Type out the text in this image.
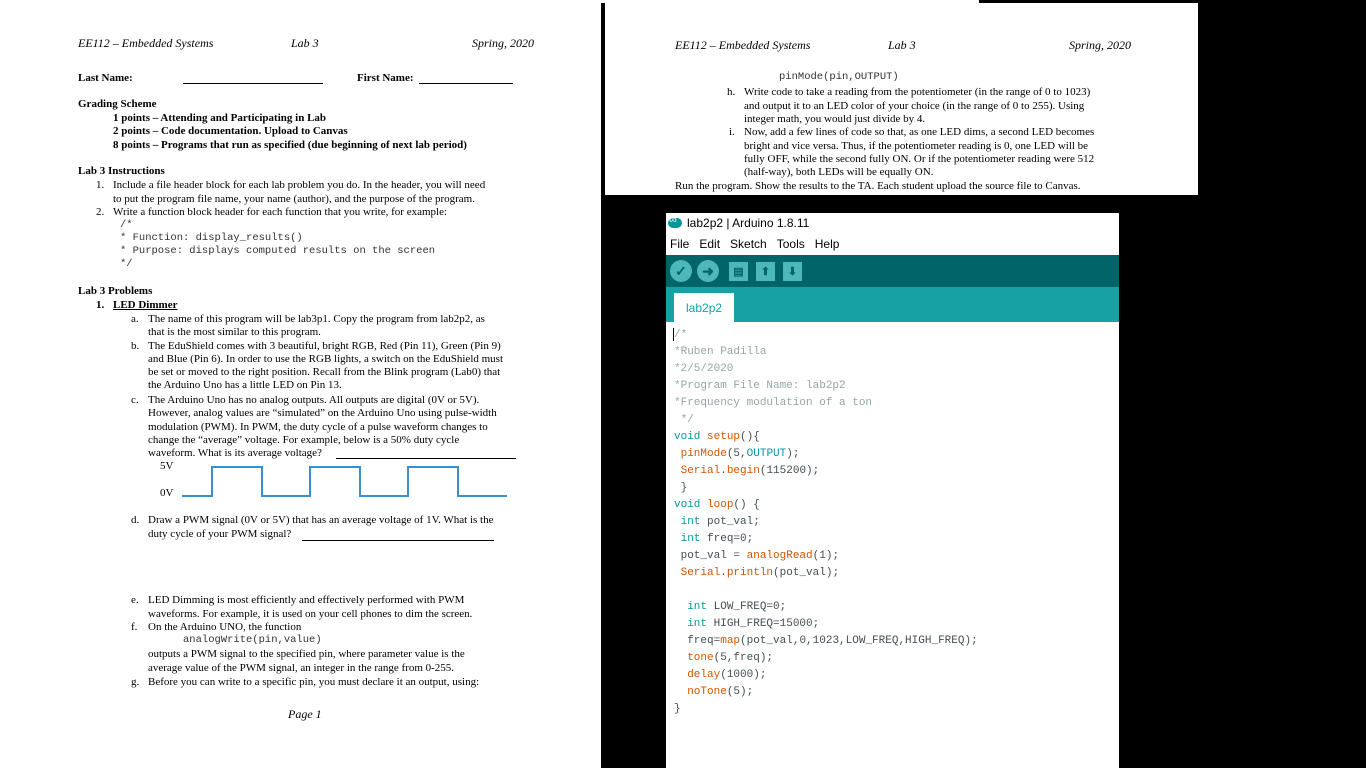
EE112 – Embedded Systems	Lab 3	Spring, 2020
Last Name:	First Name:
Grading Scheme
1 points – Attending and Participating in Lab
2 points – Code documentation. Upload to Canvas
8 points – Programs that run as specified (due beginning of next lab period)
Lab 3 Instructions
1. Include a file header block for each lab problem you do. In the header, you will need
to put the program file name, your name (author), and the purpose of the program.
2. Write a function block header for each function that you write, for example:
/*
* Function: display_results()
* Purpose: displays computed results on the screen
*/
Lab 3 Problems
1. LED Dimmer
a. The name of this program will be lab3p1. Copy the program from lab2p2, as
that is the most similar to this program.
b. The EduShield comes with 3 beautiful, bright RGB, Red (Pin 11), Green (Pin 9)
and Blue (Pin 6). In order to use the RGB lights, a switch on the EduShield must
be set or moved to the right position. Recall from the Blink program (Lab0) that
the Arduino Uno has a little LED on Pin 13.
c. The Arduino Uno has no analog outputs. All outputs are digital (0V or 5V).
However, analog values are “simulated” on the Arduino Uno using pulse-width
modulation (PWM). In PWM, the duty cycle of a pulse waveform changes to
change the “average” voltage. For example, below is a 50% duty cycle
waveform. What is its average voltage?
5V
0V
d. Draw a PWM signal (0V or 5V) that has an average voltage of 1V. What is the
duty cycle of your PWM signal?
e. LED Dimming is most efficiently and effectively performed with PWM
waveforms. For example, it is used on your cell phones to dim the screen.
f. On the Arduino UNO, the function
analogWrite(pin,value)
outputs a PWM signal to the specified pin, where parameter value is the
average value of the PWM signal, an integer in the range from 0-255.
g. Before you can write to a specific pin, you must declare it an output, using:
Page 1
EE112 – Embedded Systems	Lab 3	Spring, 2020
pinMode(pin,OUTPUT)
h. Write code to take a reading from the potentiometer (in the range of 0 to 1023)
and output it to an LED color of your choice (in the range of 0 to 255). Using
integer math, you would just divide by 4.
i. Now, add a few lines of code so that, as one LED dims, a second LED becomes
bright and vice versa. Thus, if the potentiometer reading is 0, one LED will be
fully OFF, while the second fully ON. Or if the potentiometer reading were 512
(half-way), both LEDs will be equally ON.
Run the program. Show the results to the TA. Each student upload the source file to Canvas.
∞
lab2p2 | Arduino 1.8.11
File Edit Sketch Tools Help
✓	➜	▤	⬆	⬇
lab2p2
/*
*Ruben Padilla
*2/5/2020
*Program File Name: lab2p2
*Frequency modulation of a ton
*/
void setup(){
pinMode(5,OUTPUT);
Serial.begin(115200);
}
void loop() {
int pot_val;
int freq=0;
pot_val = analogRead(1);
Serial.println(pot_val);
int LOW_FREQ=0;
int HIGH_FREQ=15000;
freq=map(pot_val,0,1023,LOW_FREQ,HIGH_FREQ);
tone(5,freq);
delay(1000);
noTone(5);
}
